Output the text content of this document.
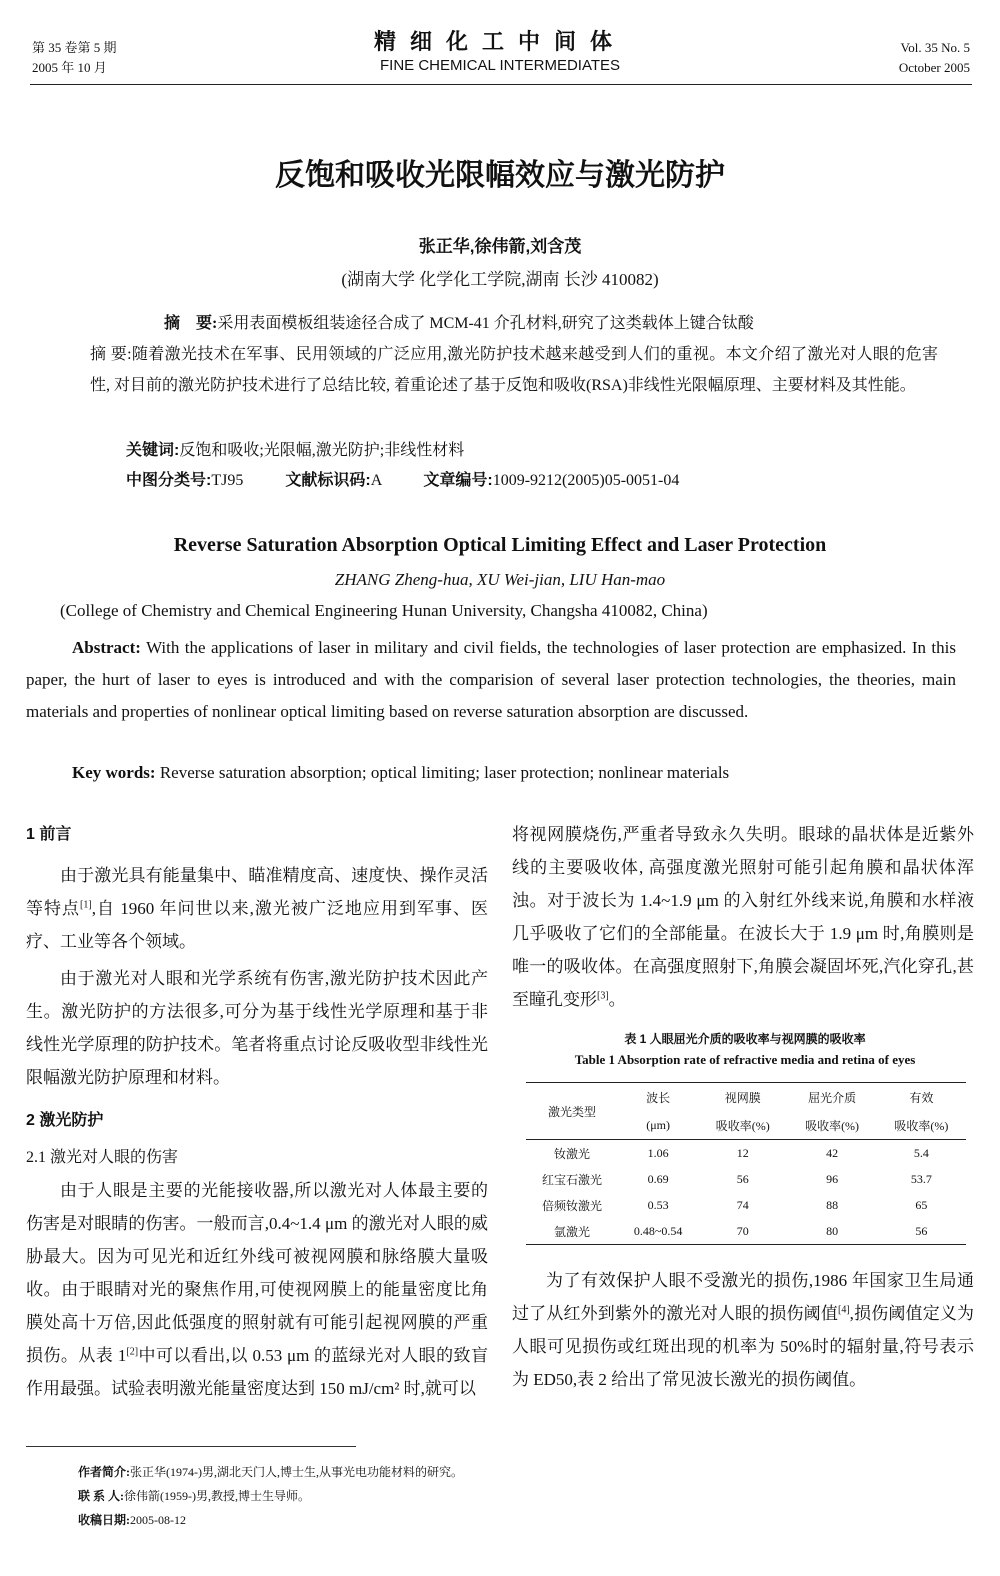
第 35 卷第 5 期
2005 年 10 月
精细化工中间体
FINE CHEMICAL INTERMEDIATES
Vol. 35 No. 5
October 2005
反饱和吸收光限幅效应与激光防护
张正华,徐伟箭,刘含茂
(湖南大学 化学化工学院,湖南 长沙 410082)
摘　要:采用表面模板组装途径合成了 MCM-41 介孔材料,研究了这类载体上键合钛酸
摘 要:随着激光技术在军事、民用领域的广泛应用,激光防护技术越来越受到人们的重视。本文介绍了激光对人眼的危害性, 对目前的激光防护技术进行了总结比较, 着重论述了基于反饱和吸收(RSA)非线性光限幅原理、主要材料及其性能。
关键词:反饱和吸收;光限幅,激光防护;非线性材料
中图分类号:TJ95	文献标识码:A	文章编号:1009-9212(2005)05-0051-04
Reverse Saturation Absorption Optical Limiting Effect and Laser Protection
ZHANG Zheng-hua, XU Wei-jian, LIU Han-mao
(College of Chemistry and Chemical Engineering Hunan University, Changsha 410082, China)
Abstract: With the applications of laser in military and civil fields, the technologies of laser protection are emphasized. In this paper, the hurt of laser to eyes is introduced and with the comparision of several laser protection technologies, the theories, main materials and properties of nonlinear optical limiting based on reverse saturation absorption are discussed.
Key words: Reverse saturation absorption; optical limiting; laser protection; nonlinear materials
1 前言
由于激光具有能量集中、瞄准精度高、速度快、操作灵活等特点[1],自 1960 年问世以来,激光被广泛地应用到军事、医疗、工业等各个领域。
由于激光对人眼和光学系统有伤害,激光防护技术因此产生。激光防护的方法很多,可分为基于线性光学原理和基于非线性光学原理的防护技术。笔者将重点讨论反吸收型非线性光限幅激光防护原理和材料。
2 激光防护
2.1 激光对人眼的伤害
由于人眼是主要的光能接收器,所以激光对人体最主要的伤害是对眼睛的伤害。一般而言,0.4~1.4 μm 的激光对人眼的威胁最大。因为可见光和近红外线可被视网膜和脉络膜大量吸收。由于眼睛对光的聚焦作用,可使视网膜上的能量密度比角膜处高十万倍,因此低强度的照射就有可能引起视网膜的严重损伤。从表 1[2]中可以看出,以 0.53 μm 的蓝绿光对人眼的致盲作用最强。试验表明激光能量密度达到 150 mJ/cm² 时,就可以
将视网膜烧伤,严重者导致永久失明。眼球的晶状体是近紫外线的主要吸收体, 高强度激光照射可能引起角膜和晶状体浑浊。对于波长为 1.4~1.9 μm 的入射红外线来说,角膜和水样液几乎吸收了它们的全部能量。在波长大于 1.9 μm 时,角膜则是唯一的吸收体。在高强度照射下,角膜会凝固坏死,汽化穿孔,甚至瞳孔变形[3]。
表 1 人眼屈光介质的吸收率与视网膜的吸收率
Table 1 Absorption rate of refractive media and retina of eyes
激光类型	波长	视网膜	屈光介质	有效
	(μm)	吸收率(%)	吸收率(%)	吸收率(%)
钕激光	1.06	12	42	5.4
红宝石激光	0.69	56	96	53.7
倍频钕激光	0.53	74	88	65
氩激光	0.48~0.54	70	80	56
为了有效保护人眼不受激光的损伤,1986 年国家卫生局通过了从红外到紫外的激光对人眼的损伤阈值[4],损伤阈值定义为人眼可见损伤或红斑出现的机率为 50%时的辐射量,符号表示为 ED50,表 2 给出了常见波长激光的损伤阈值。
作者简介:张正华(1974-)男,湖北天门人,博士生,从事光电功能材料的研究。
联 系 人:徐伟箭(1959-)男,教授,博士生导师。
收稿日期:2005-08-12
